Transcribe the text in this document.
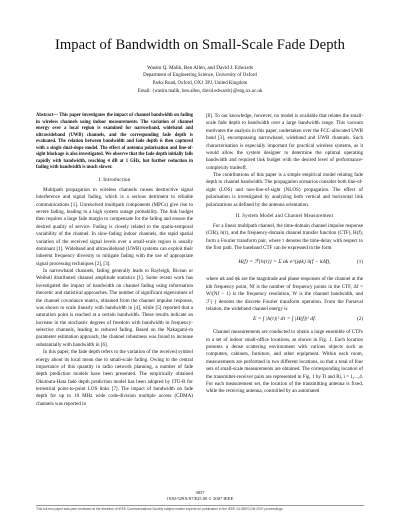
Impact of Bandwidth on Small-Scale Fade Depth
Wasim Q. Malik, Ben Allen, and David J. Edwards
Department of Engineering Science, University of Oxford
Parks Road, Oxford, OX1 3PJ, United Kingdom
Email: {wasim.malik, ben.allen, david.edwards}@eng.ox.ac.uk
Abstract— This paper investigates the impact of channel bandwidth on fading in wireless channels using indoor measurements. The variation of channel energy over a local region is examined for narrowband, wideband and ultrawideband (UWB) channels, and the corresponding fade depth is evaluated. The relation between bandwidth and fade depth is then captured with a single dual-slope model. The effect of antenna polarisation and line-of-sight blockage is also investigated. We observe that the fade depth initially falls rapidly with bandwidth, reaching 4 dB at 1 GHz, but further reduction in fading with bandwidth is much slower.
I. Introduction

Multipath propagation in wireless channels causes destructive signal interference and signal fading, which is a serious detriment to reliable communications [1]. Unresolved multipath components (MPCs) give rise to severe fading, leading to a high system outage probability. The link budget then requires a large fade margin to compensate for the fading and ensure the desired quality of service. Fading is closely related to the spatio-temporal variability of the channel. In slow-fading indoor channels, the rapid spatial variation of the received signal levels over a small-scale region is usually dominant [1]. Wideband and ultrawideband (UWB) systems can exploit their inherent frequency diversity to mitigate fading with the use of appropriate signal processing techniques [2], [3].

In narrowband channels, fading generally leads to Rayleigh, Ricean or Weibull distributed channel amplitude statistics [1]. Some recent work has investigated the impact of bandwidth on channel fading using information theoretic and statistical approaches. The number of significant eigenvalues of the channel covariance matrix, obtained from the channel impulse response, was shown to scale linearly with bandwidth in [4], while [5] reported that a saturation point is reached at a certain bandwidth. These results indicate an increase in the stochastic degrees of freedom with bandwidth in frequency-selective channels, leading to reduced fading. Based on the Nakagami-m parameter estimation approach, the channel robustness was found to increase substantially with bandwidth in [6].

In this paper, the fade depth refers to the variation of the received symbol energy about its local mean due to small-scale fading. Owing to the central importance of this quantity in radio network planning, a number of fade depth prediction models have been presented. The empirically obtained Okumura-Hata fade depth prediction model has been adopted by ITU-R for terrestrial point-to-point LOS links [7]. The impact of bandwidth on fade depth for up to 10 MHz wide code-division multiple access (CDMA) channels was reported in

[8]. To our knowledge, however, no model is available that relates the small-scale fade depth to bandwidth over a large bandwidth range. This vacuum motivates the analysis in this paper, undertaken over the FCC-allocated UWB band [3], encompassing narrowband, wideband and UWB channels. Such characterisation is especially important for practical wireless systems, as it would allow the system designer to determine the optimal operating bandwidth and required link budget with the desired level of performance-complexity tradeoff.

The contributions of this paper is a simple empirical model relating fade depth to channel bandwidth. The propagation scenarios consider both line-of-sight (LOS) and non-line-of-sight (NLOS) propagation. The effect of polarisation is investigated by analyzing both vertical and horizontal link polarizations as defined by the antenna orientation.

II. System Model and Channel Measurement

For a linear multipath channel, the time-domain channel impulse response (CIR), h(τ), and the frequency-domain channel transfer function (CTF), H(f), form a Fourier transform pair, where τ denotes the time-delay with respect to the first path. The baseband CTF can be expressed in the form

H(f) = ℱ{h(τ)} = Σ αk e^{jϕk} δ(f − kΔf),	(1)

where αk and ϕk are the magnitude and phase responses of the channel at the kth frequency point, Nf is the number of frequency points in the CTF, Δf = W/(Nf − 1) is the frequency resolution, W is the channel bandwidth, and ℱ{·} denotes the discrete Fourier transform operation. From the Parseval relation, the wideband channel energy is

E = ∫ |h(τ)|² dτ = ∫ |H(f)|² df.	(2)

Channel measurements are conducted to obtain a large ensemble of CTFs in a set of indoor small-office locations, as shown in Fig. 1. Each location presents a dense scattering environment with various objects such as computers, cabinets, furniture, and other equipment. Within each room, measurements are performed in two different locations, so that a total of four sets of small-scale measurements are obtained. The corresponding location of the transmitter-receiver pairs are represented in Fig. 1 by Ti and Ri, i = 1,...,4. For each measurement set, the location of the transmitting antenna is fixed, while the receiving antenna, controlled by an automated

3837
1930-529X/07/$25.00 © 2007 IEEE
This full text paper was peer reviewed at the direction of IEEE Communications Society subject matter experts for publication in the IEEE GLOBECOM 2007 proceedings.
